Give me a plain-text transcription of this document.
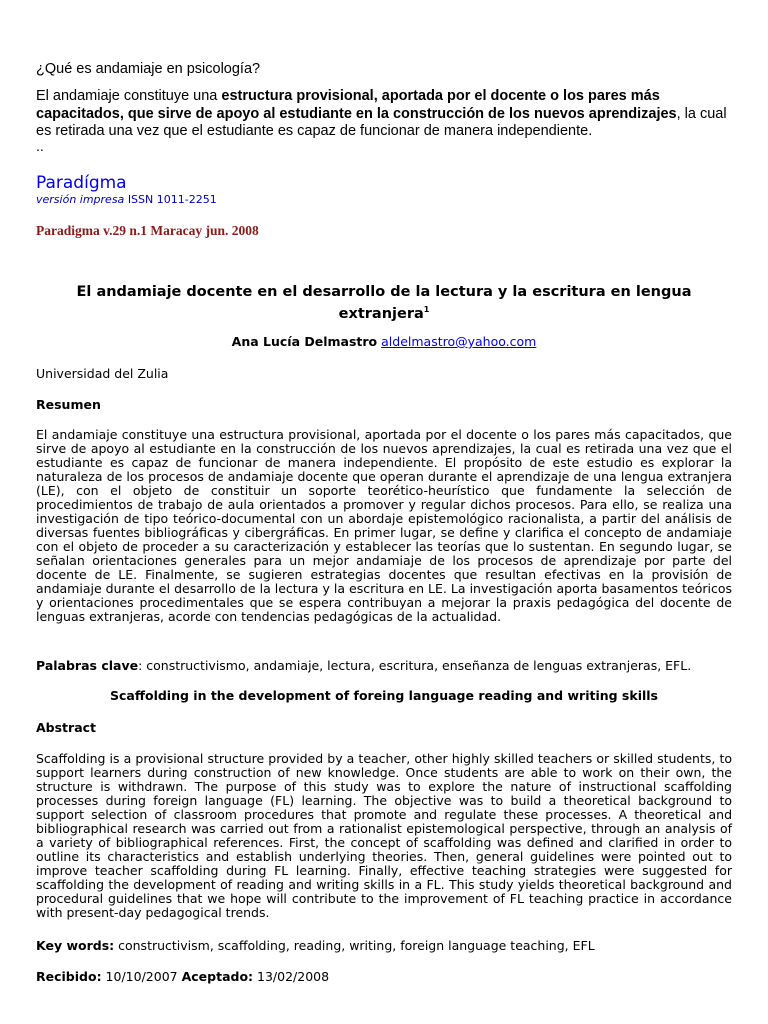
¿Qué es andamiaje en psicología?
El andamiaje constituye una estructura provisional, aportada por el docente o los pares más capacitados, que sirve de apoyo al estudiante en la construcción de los nuevos aprendizajes, la cual es retirada una vez que el estudiante es capaz de funcionar de manera independiente.
..
Paradígma
versión impresa ISSN 1011-2251
Paradigma v.29 n.1 Maracay jun. 2008
El andamiaje docente en el desarrollo de la lectura y la escritura en lengua extranjera$^1$
Ana Lucía Delmastro aldelmastro@yahoo.com
Universidad del Zulia
Resumen
El andamiaje constituye una estructura provisional, aportada por el docente o los pares más capacitados, que sirve de apoyo al estudiante en la construcción de los nuevos aprendizajes, la cual es retirada una vez que el estudiante es capaz de funcionar de manera independiente. El propósito de este estudio es explorar la naturaleza de los procesos de andamiaje docente que operan durante el aprendizaje de una lengua extranjera (LE), con el objeto de constituir un soporte teorético-heurístico que fundamente la selección de procedimientos de trabajo de aula orientados a promover y regular dichos procesos. Para ello, se realiza una investigación de tipo teórico-documental con un abordaje epistemológico racionalista, a partir del análisis de diversas fuentes bibliográficas y cibergráficas. En primer lugar, se define y clarifica el concepto de andamiaje con el objeto de proceder a su caracterización y establecer las teorías que lo sustentan. En segundo lugar, se señalan orientaciones generales para un mejor andamiaje de los procesos de aprendizaje por parte del docente de LE. Finalmente, se sugieren estrategias docentes que resultan efectivas en la provisión de andamiaje durante el desarrollo de la lectura y la escritura en LE. La investigación aporta basamentos teóricos y orientaciones procedimentales que se espera contribuyan a mejorar la praxis pedagógica del docente de lenguas extranjeras, acorde con tendencias pedagógicas de la actualidad.
Palabras clave: constructivismo, andamiaje, lectura, escritura, enseñanza de lenguas extranjeras, EFL.
Scaffolding in the development of foreing language reading and writing skills
Abstract
Scaffolding is a provisional structure provided by a teacher, other highly skilled teachers or skilled students, to support learners during construction of new knowledge. Once students are able to work on their own, the structure is withdrawn. The purpose of this study was to explore the nature of instructional scaffolding processes during foreign language (FL) learning. The objective was to build a theoretical background to support selection of classroom procedures that promote and regulate these processes. A theoretical and bibliographical research was carried out from a rationalist epistemological perspective, through an analysis of a variety of bibliographical references. First, the concept of scaffolding was defined and clarified in order to outline its characteristics and establish underlying theories. Then, general guidelines were pointed out to improve teacher scaffolding during FL learning. Finally, effective teaching strategies were suggested for scaffolding the development of reading and writing skills in a FL. This study yields theoretical background and procedural guidelines that we hope will contribute to the improvement of FL teaching practice in accordance with present-day pedagogical trends.
Key words: constructivism, scaffolding, reading, writing, foreign language teaching, EFL
Recibido: 10/10/2007 Aceptado: 13/02/2008
